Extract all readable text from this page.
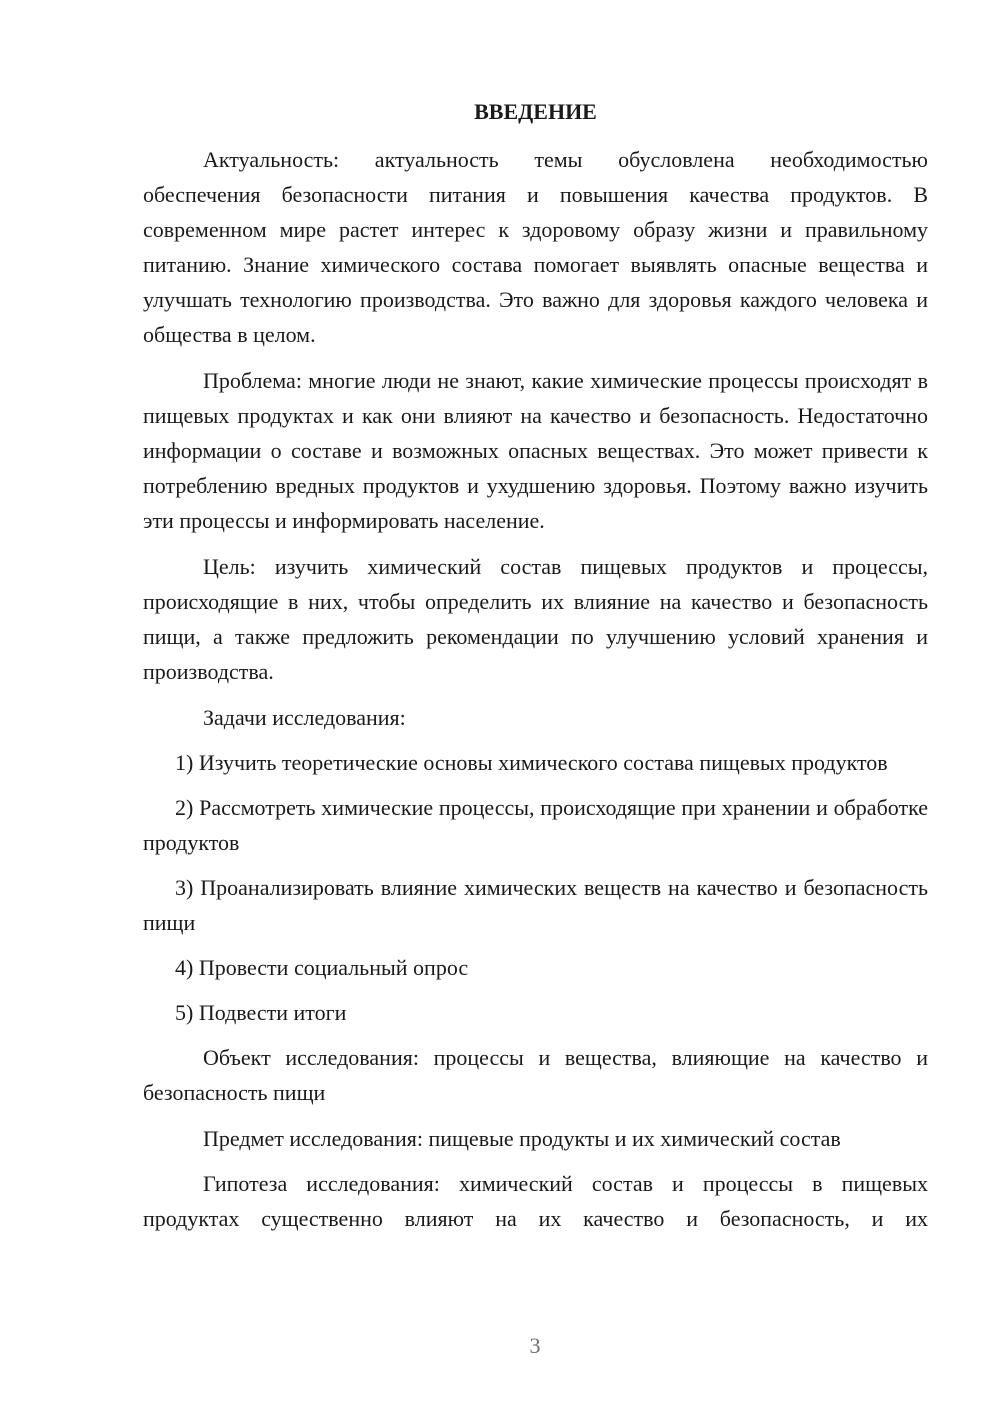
ВВЕДЕНИЕ

Актуальность: актуальность темы обусловлена необходимостью обеспечения безопасности питания и повышения качества продуктов. В современном мире растет интерес к здоровому образу жизни и правильному питанию. Знание химического состава помогает выявлять опасные вещества и улучшать технологию производства. Это важно для здоровья каждого человека и общества в целом.

Проблема: многие люди не знают, какие химические процессы происходят в пищевых продуктах и как они влияют на качество и безопасность. Недостаточно информации о составе и возможных опасных веществах. Это может привести к потреблению вредных продуктов и ухудшению здоровья. Поэтому важно изучить эти процессы и информировать население.

Цель: изучить химический состав пищевых продуктов и процессы, происходящие в них, чтобы определить их влияние на качество и безопасность пищи, а также предложить рекомендации по улучшению условий хранения и производства.

Задачи исследования:

1) Изучить теоретические основы химического состава пищевых продуктов

2) Рассмотреть химические процессы, происходящие при хранении и обработке продуктов

3) Проанализировать влияние химических веществ на качество и безопасность пищи

4) Провести социальный опрос

5) Подвести итоги

Объект исследования: процессы и вещества, влияющие на качество и безопасность пищи

Предмет исследования: пищевые продукты и их химический состав

Гипотеза исследования: химический состав и процессы в пищевых продуктах существенно влияют на их качество и безопасность, и их

3
